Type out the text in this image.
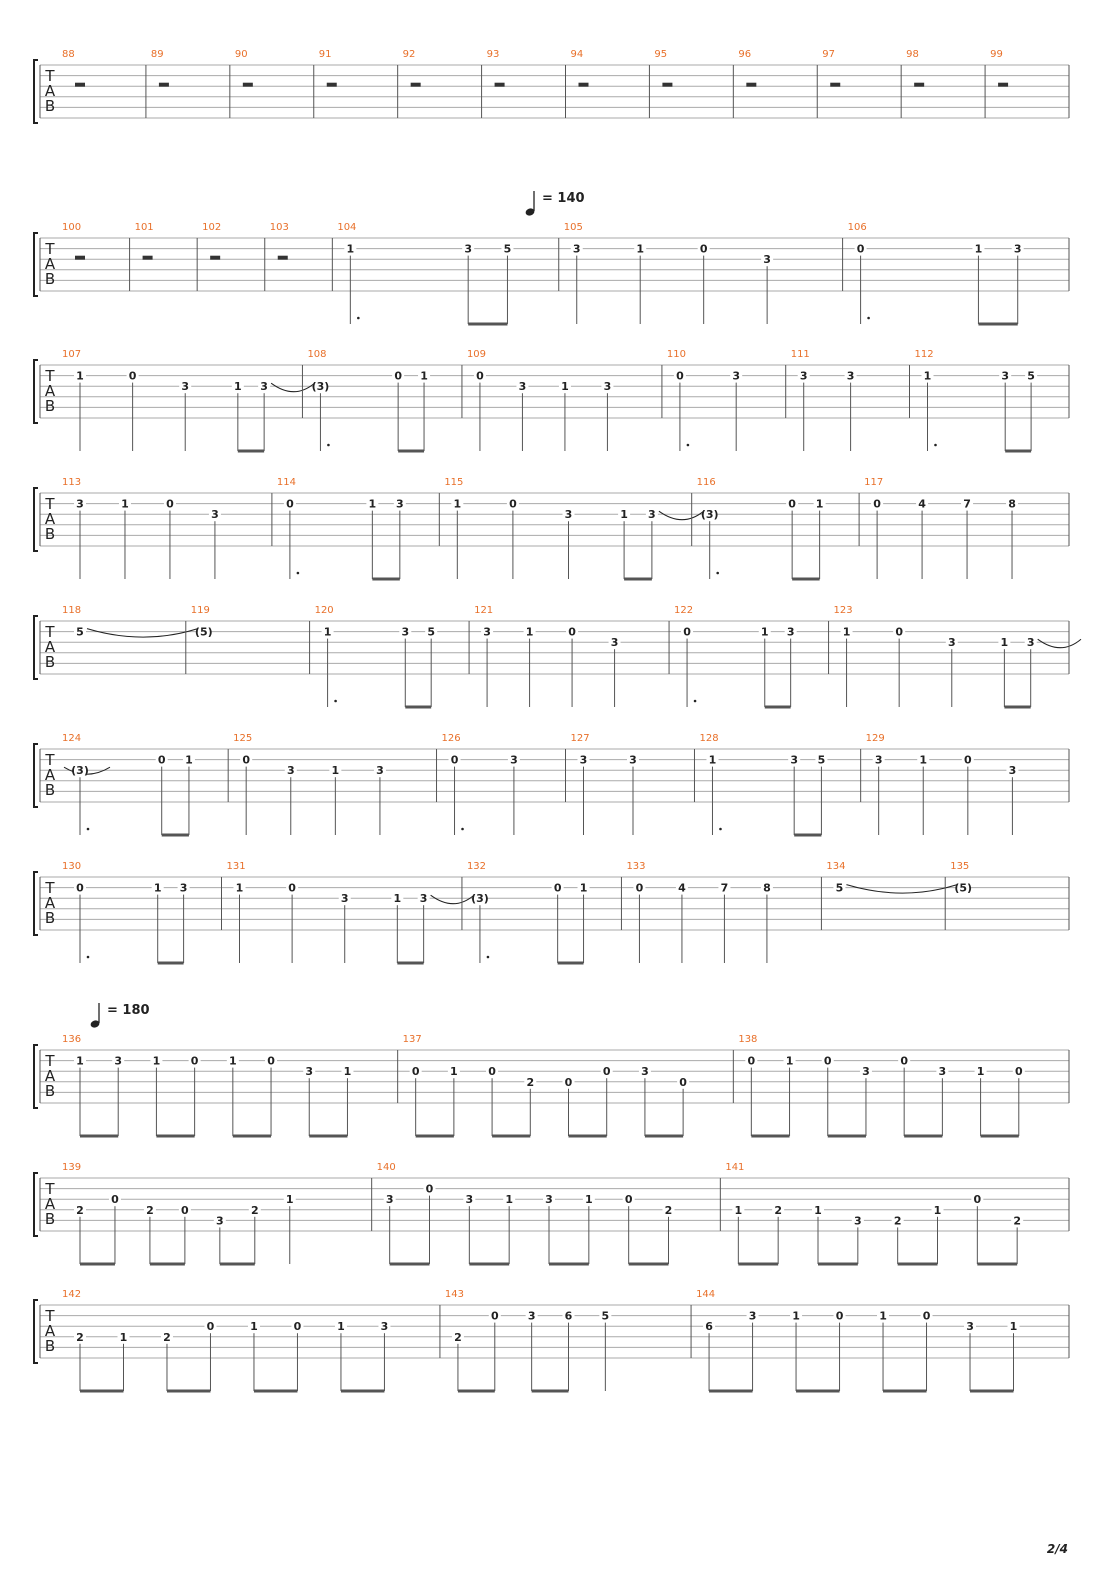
T
A
B
88	89	90	91	92	93	94	95	96	97	98	99
T
A
B
100	101	102	103	104
1	3	5
105
3	1	0
3
106
0	1	3
T
A
B
107
1	0
3	1 3
108
(3)
0 1
109
0
3	1	3
110
0	3
111
3	3
112
1	3 5
T
A
B
113
3	1	0
3
114
0	1 3
115
1	0
3	1 3
116
(3)
0 1
117
0	4	7	8
T
A
B
118
5
119
(5)
120
1	3 5
121
3	1	0
3
122
0	1 3
123
1	0
3	1 3
T
A
B
124
(3)
0 1
125
0
3	1	3
126
0	3
127
3	3
128
1	3 5
129
3	1	0
3
T
A
B
130
0	1 3
131
1	0
3	1 3
132
(3)
0 1
133
0	4	7	8
134
5
135
(5)
T
A
B
136
1	3	1	0	1	0
3	1
137
0	1	0
2	0
0	3
0
138
0	1	0
3
0
3	1	0
T
A
B
139
2
0
2 0
3
2
1
140
3
0
3	1	3	1	0
2
141
1	2	1
3	2
1
0
2
T
A
B
142
2	1	2
0	1	0	1	3
143
2
0	3	6	5
144
6
3	1	0	1	0
3	1
= 140
= 180
2/4
